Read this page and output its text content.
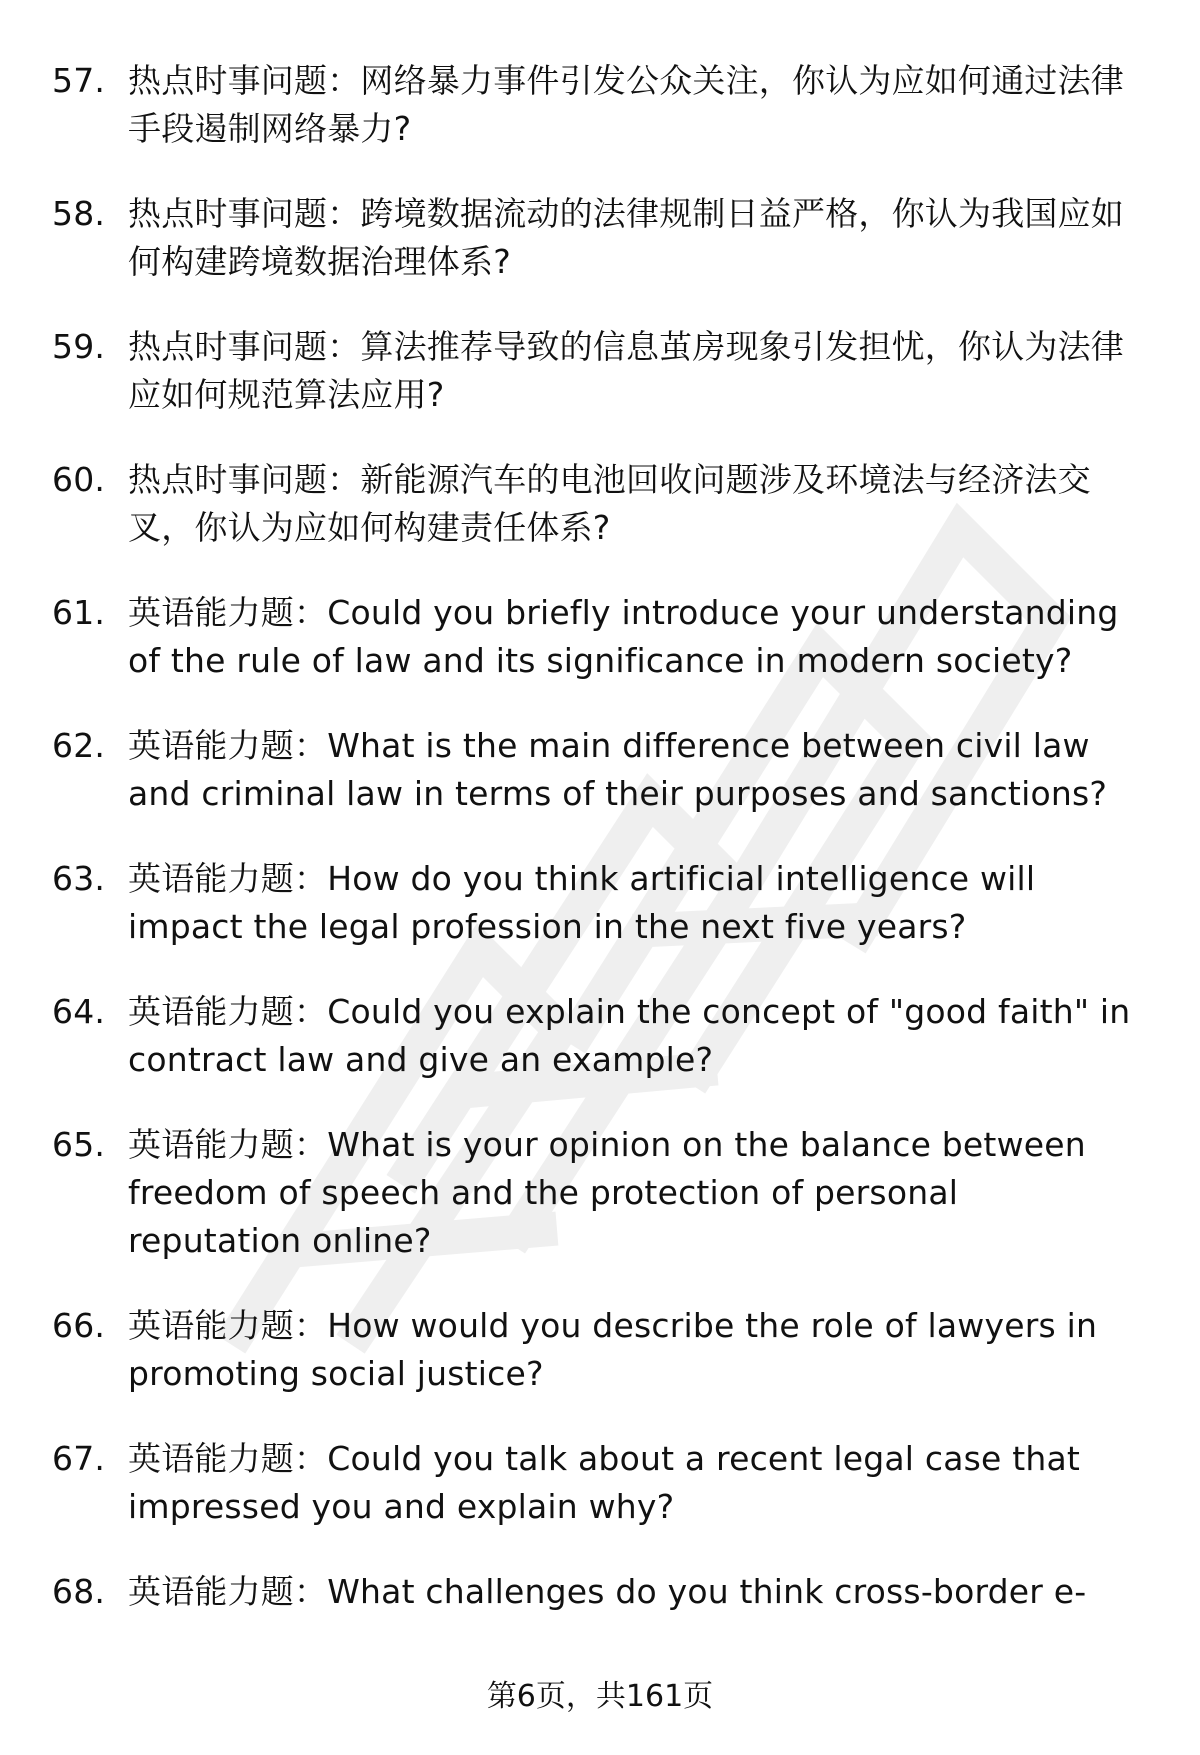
57. 热点时事问题：网络暴力事件引发公众关注，你认为应如何通过法律手段遏制网络暴力?
58. 热点时事问题：跨境数据流动的法律规制日益严格，你认为我国应如何构建跨境数据治理体系?
59. 热点时事问题：算法推荐导致的信息茧房现象引发担忧，你认为法律应如何规范算法应用?
60. 热点时事问题：新能源汽车的电池回收问题涉及环境法与经济法交叉，你认为应如何构建责任体系?
61. 英语能力题：Could you briefly introduce your understanding of the rule of law and its significance in modern society?
62. 英语能力题：What is the main difference between civil law and criminal law in terms of their purposes and sanctions?
63. 英语能力题：How do you think artificial intelligence will impact the legal profession in the next five years?
64. 英语能力题：Could you explain the concept of "good faith" in contract law and give an example?
65. 英语能力题：What is your opinion on the balance between freedom of speech and the protection of personal reputation online?
66. 英语能力题：How would you describe the role of lawyers in promoting social justice?
67. 英语能力题：Could you talk about a recent legal case that impressed you and explain why?
68. 英语能力题：What challenges do you think cross-border e-
第6页，共161页
